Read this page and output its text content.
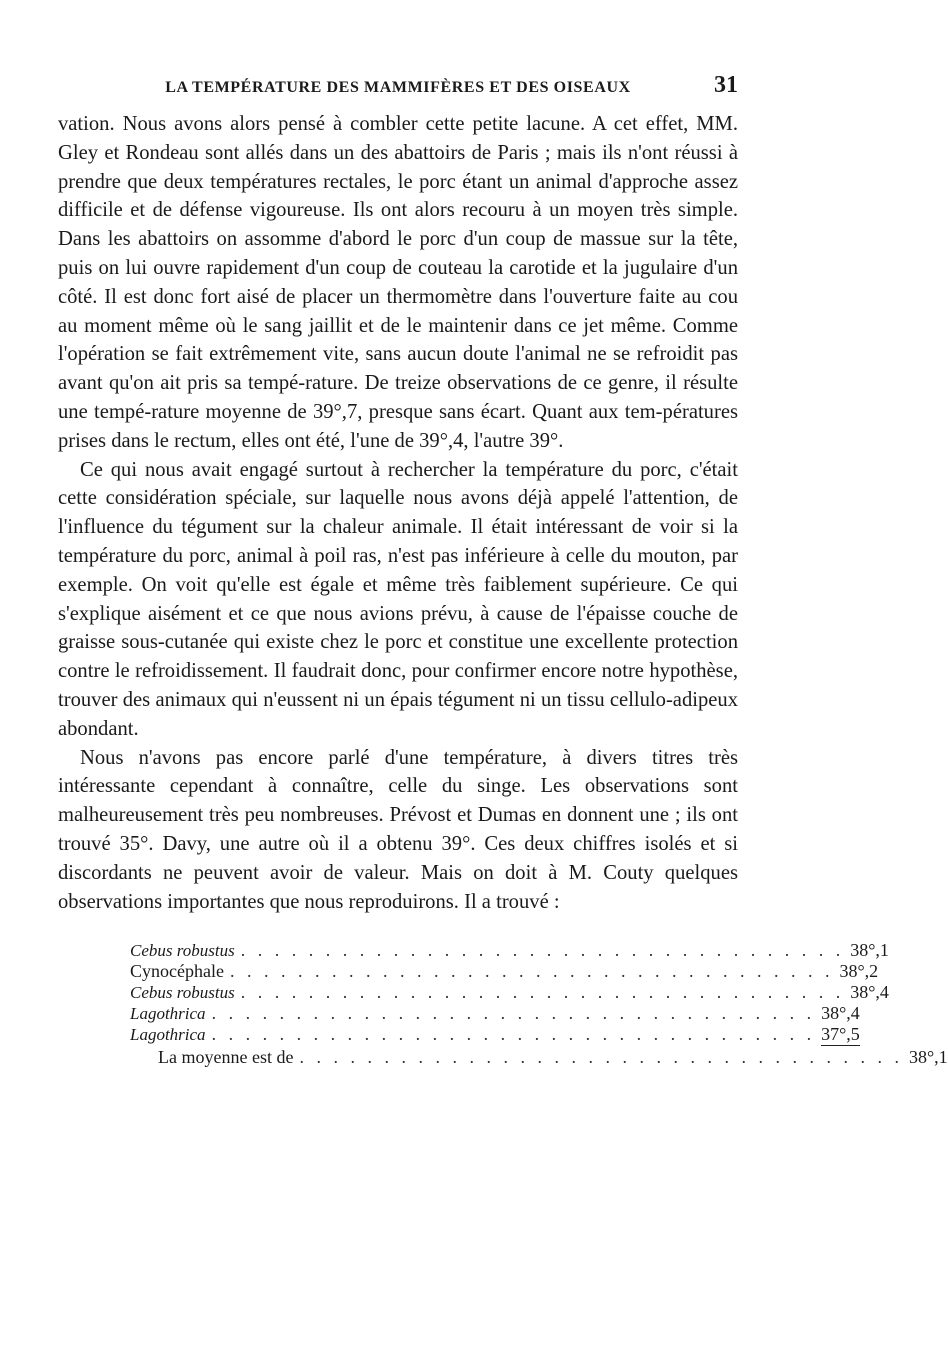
LA TEMPÉRATURE DES MAMMIFÈRES ET DES OISEAUX	31

vation. Nous avons alors pensé à combler cette petite lacune. A cet effet, MM. Gley et Rondeau sont allés dans un des abattoirs de Paris ; mais ils n'ont réussi à prendre que deux températures rectales, le porc étant un animal d'approche assez difficile et de défense vigoureuse. Ils ont alors recouru à un moyen très simple. Dans les abattoirs on assomme d'abord le porc d'un coup de massue sur la tête, puis on lui ouvre rapidement d'un coup de couteau la carotide et la jugulaire d'un côté. Il est donc fort aisé de placer un thermomètre dans l'ouverture faite au cou au moment même où le sang jaillit et de le maintenir dans ce jet même. Comme l'opération se fait extrêmement vite, sans aucun doute l'animal ne se refroidit pas avant qu'on ait pris sa tempé-rature. De treize observations de ce genre, il résulte une tempé-rature moyenne de 39°,7, presque sans écart. Quant aux tem-pératures prises dans le rectum, elles ont été, l'une de 39°,4, l'autre 39°.

Ce qui nous avait engagé surtout à rechercher la température du porc, c'était cette considération spéciale, sur laquelle nous avons déjà appelé l'attention, de l'influence du tégument sur la chaleur animale. Il était intéressant de voir si la température du porc, animal à poil ras, n'est pas inférieure à celle du mouton, par exemple. On voit qu'elle est égale et même très faiblement supérieure. Ce qui s'explique aisément et ce que nous avions prévu, à cause de l'épaisse couche de graisse sous-cutanée qui existe chez le porc et constitue une excellente protection contre le refroidissement. Il faudrait donc, pour confirmer encore notre hypothèse, trouver des animaux qui n'eussent ni un épais tégument ni un tissu cellulo-adipeux abondant.

Nous n'avons pas encore parlé d'une température, à divers titres très intéressante cependant à connaître, celle du singe. Les observations sont malheureusement très peu nombreuses. Prévost et Dumas en donnent une ; ils ont trouvé 35°. Davy, une autre où il a obtenu 39°. Ces deux chiffres isolés et si discordants ne peuvent avoir de valeur. Mais on doit à M. Couty quelques observations importantes que nous reproduirons. Il a trouvé :

Cebus robustus . . . . . . . . . . . . . . . . . . . . . . . . . . . . . . . . . . . . 38°,1
Cynocéphale . . . . . . . . . . . . . . . . . . . . . . . . . . . . . . . . . . . . 38°,2
Cebus robustus . . . . . . . . . . . . . . . . . . . . . . . . . . . . . . . . . . . . 38°,4
Lagothrica . . . . . . . . . . . . . . . . . . . . . . . . . . . . . . . . . . . . 38°,4
Lagothrica . . . . . . . . . . . . . . . . . . . . . . . . . . . . . . . . . . . . 37°,5
La moyenne est de . . . . . . . . . . . . . . . . . . . . . . . . . . . . . . . . . . . . 38°,1
